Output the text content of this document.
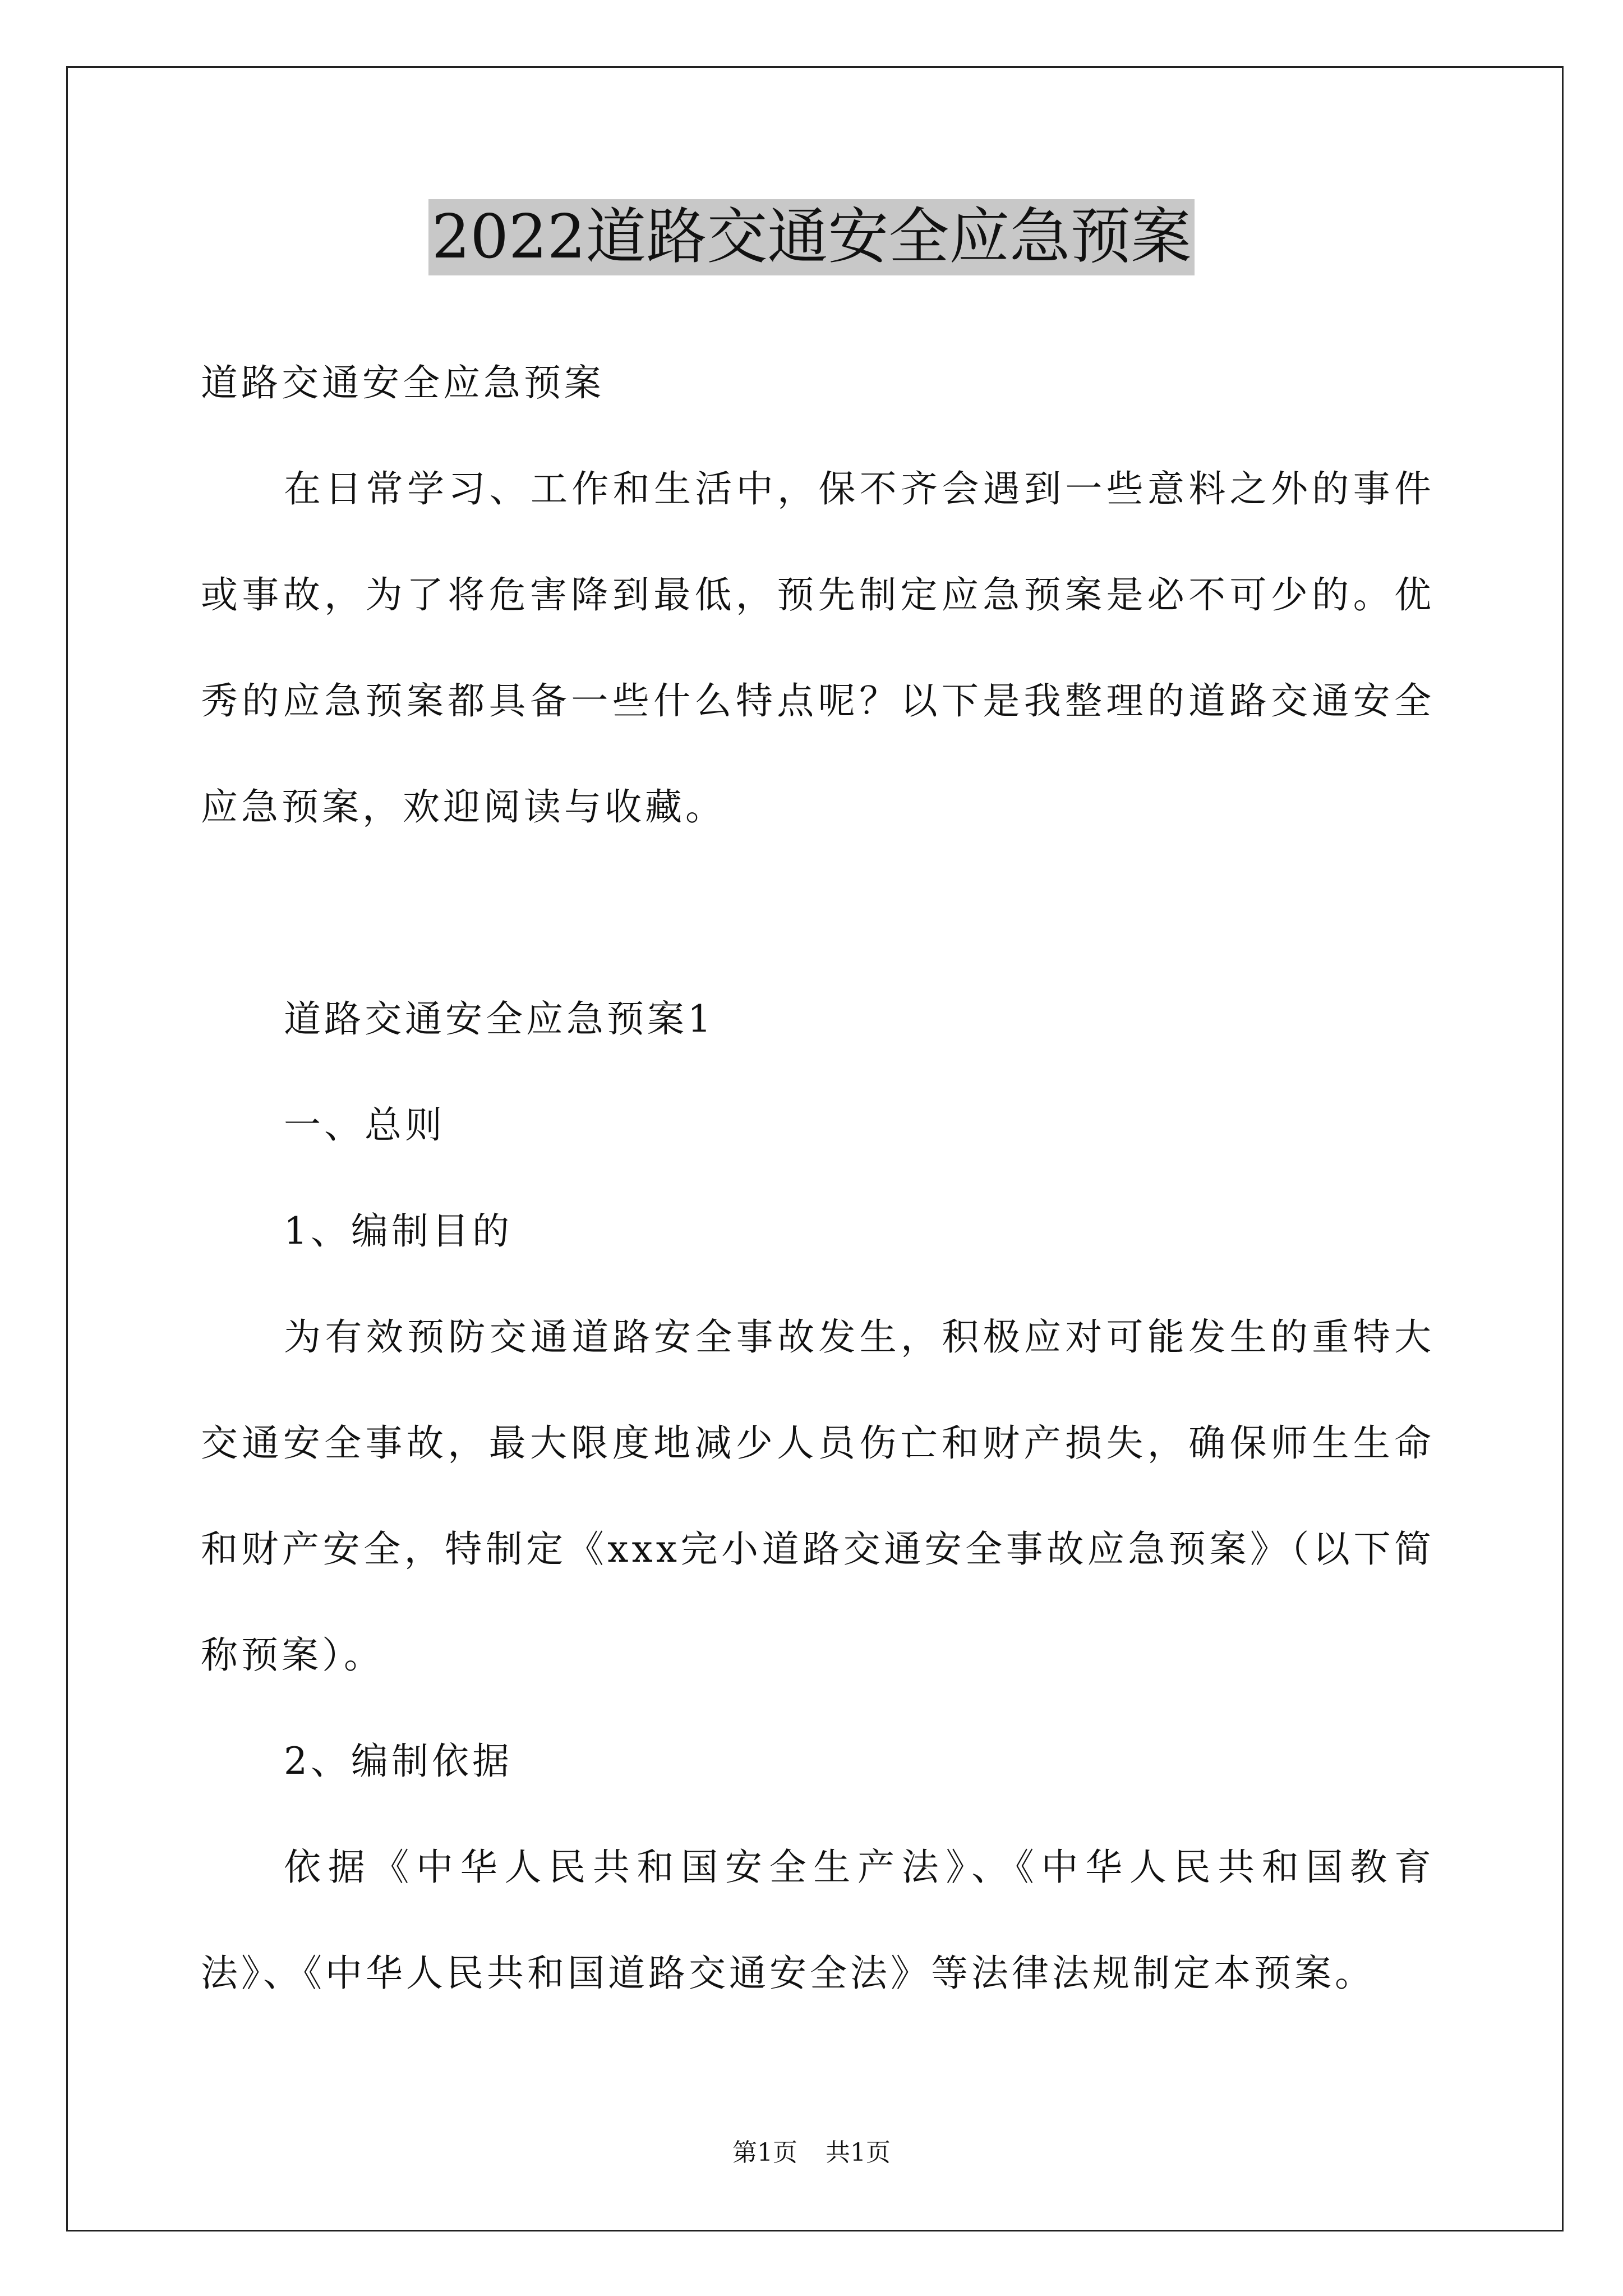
2022道路交通安全应急预案

道路交通安全应急预案

在日常学习、工作和生活中，保不齐会遇到一些意料之外的事件或事故，为了将危害降到最低，预先制定应急预案是必不可少的。优秀的应急预案都具备一些什么特点呢？以下是我整理的道路交通安全应急预案，欢迎阅读与收藏。

道路交通安全应急预案1

一、总则

1、编制目的

为有效预防交通道路安全事故发生，积极应对可能发生的重特大交通安全事故，最大限度地减少人员伤亡和财产损失，确保师生生命和财产安全，特制定《xxx完小道路交通安全事故应急预案》（以下简称预案）。

2、编制依据

依据《中华人民共和国安全生产法》、《中华人民共和国教育法》、《中华人民共和国道路交通安全法》等法律法规制定本预案。

第1页 共1页
